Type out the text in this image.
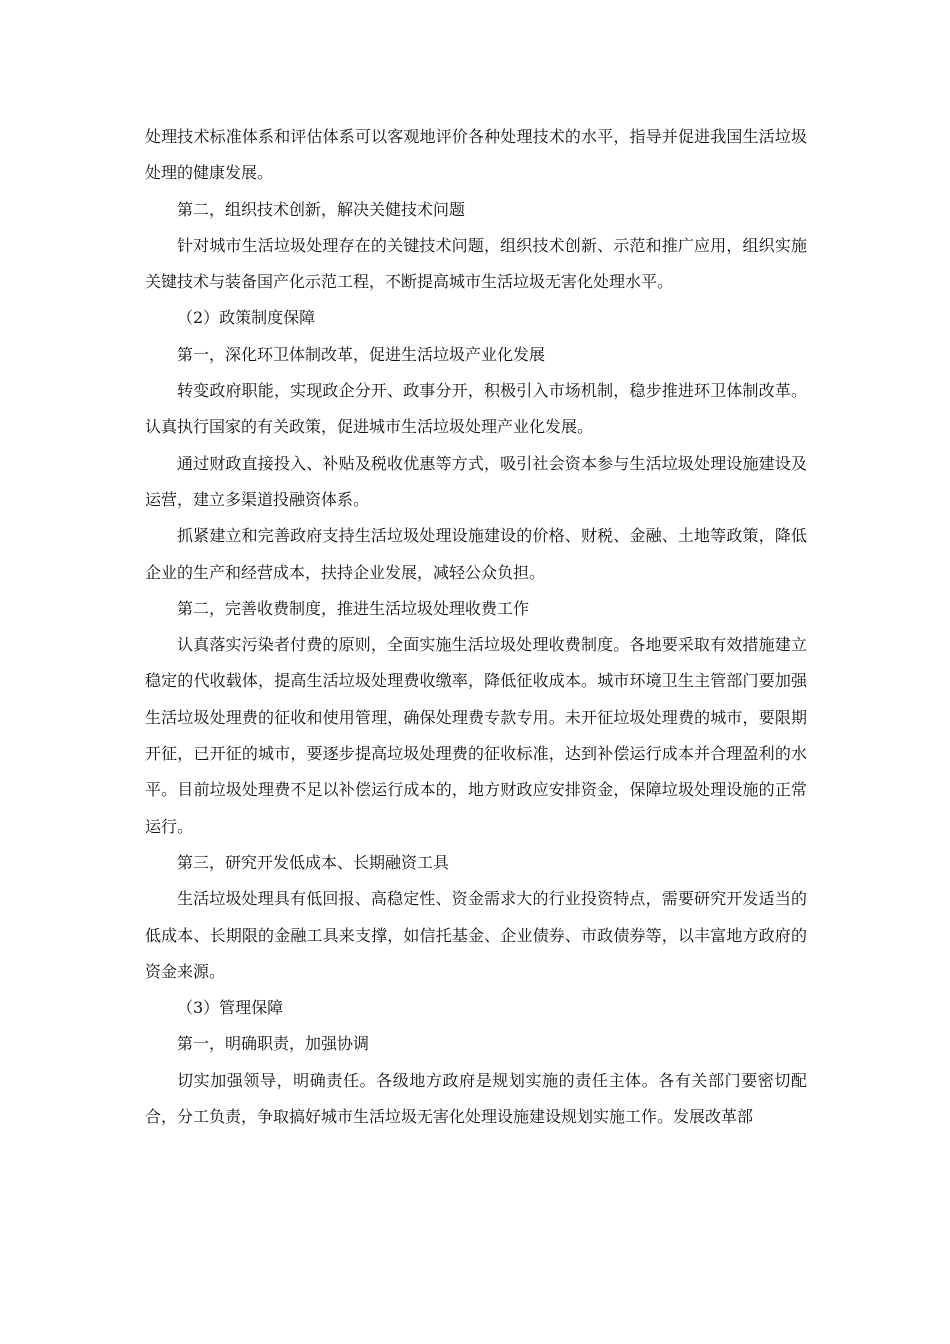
处理技术标准体系和评估体系可以客观地评价各种处理技术的水平，指导并促进我国生活垃圾处理的健康发展。

第二，组织技术创新，解决关健技术问题

针对城市生活垃圾处理存在的关键技术问题，组织技术创新、示范和推广应用，组织实施关键技术与装备国产化示范工程，不断提高城市生活垃圾无害化处理水平。

（2）政策制度保障

第一，深化环卫体制改革，促进生活垃圾产业化发展

转变政府职能，实现政企分开、政事分开，积极引入市场机制，稳步推进环卫体制改革。认真执行国家的有关政策，促进城市生活垃圾处理产业化发展。

通过财政直接投入、补贴及税收优惠等方式，吸引社会资本参与生活垃圾处理设施建设及运营，建立多渠道投融资体系。

抓紧建立和完善政府支持生活垃圾处理设施建设的价格、财税、金融、土地等政策，降低企业的生产和经营成本，扶持企业发展，减轻公众负担。

第二，完善收费制度，推进生活垃圾处理收费工作

认真落实污染者付费的原则，全面实施生活垃圾处理收费制度。各地要采取有效措施建立稳定的代收载体，提高生活垃圾处理费收缴率，降低征收成本。城市环境卫生主管部门要加强生活垃圾处理费的征收和使用管理，确保处理费专款专用。未开征垃圾处理费的城市，要限期开征，已开征的城市，要逐步提高垃圾处理费的征收标准，达到补偿运行成本并合理盈利的水平。目前垃圾处理费不足以补偿运行成本的，地方财政应安排资金，保障垃圾处理设施的正常运行。

第三，研究开发低成本、长期融资工具

生活垃圾处理具有低回报、高稳定性、资金需求大的行业投资特点，需要研究开发适当的低成本、长期限的金融工具来支撑，如信托基金、企业债券、市政债券等，以丰富地方政府的资金来源。

（3）管理保障

第一，明确职责，加强协调

切实加强领导，明确责任。各级地方政府是规划实施的责任主体。各有关部门要密切配合，分工负责，争取搞好城市生活垃圾无害化处理设施建设规划实施工作。发展改革部
